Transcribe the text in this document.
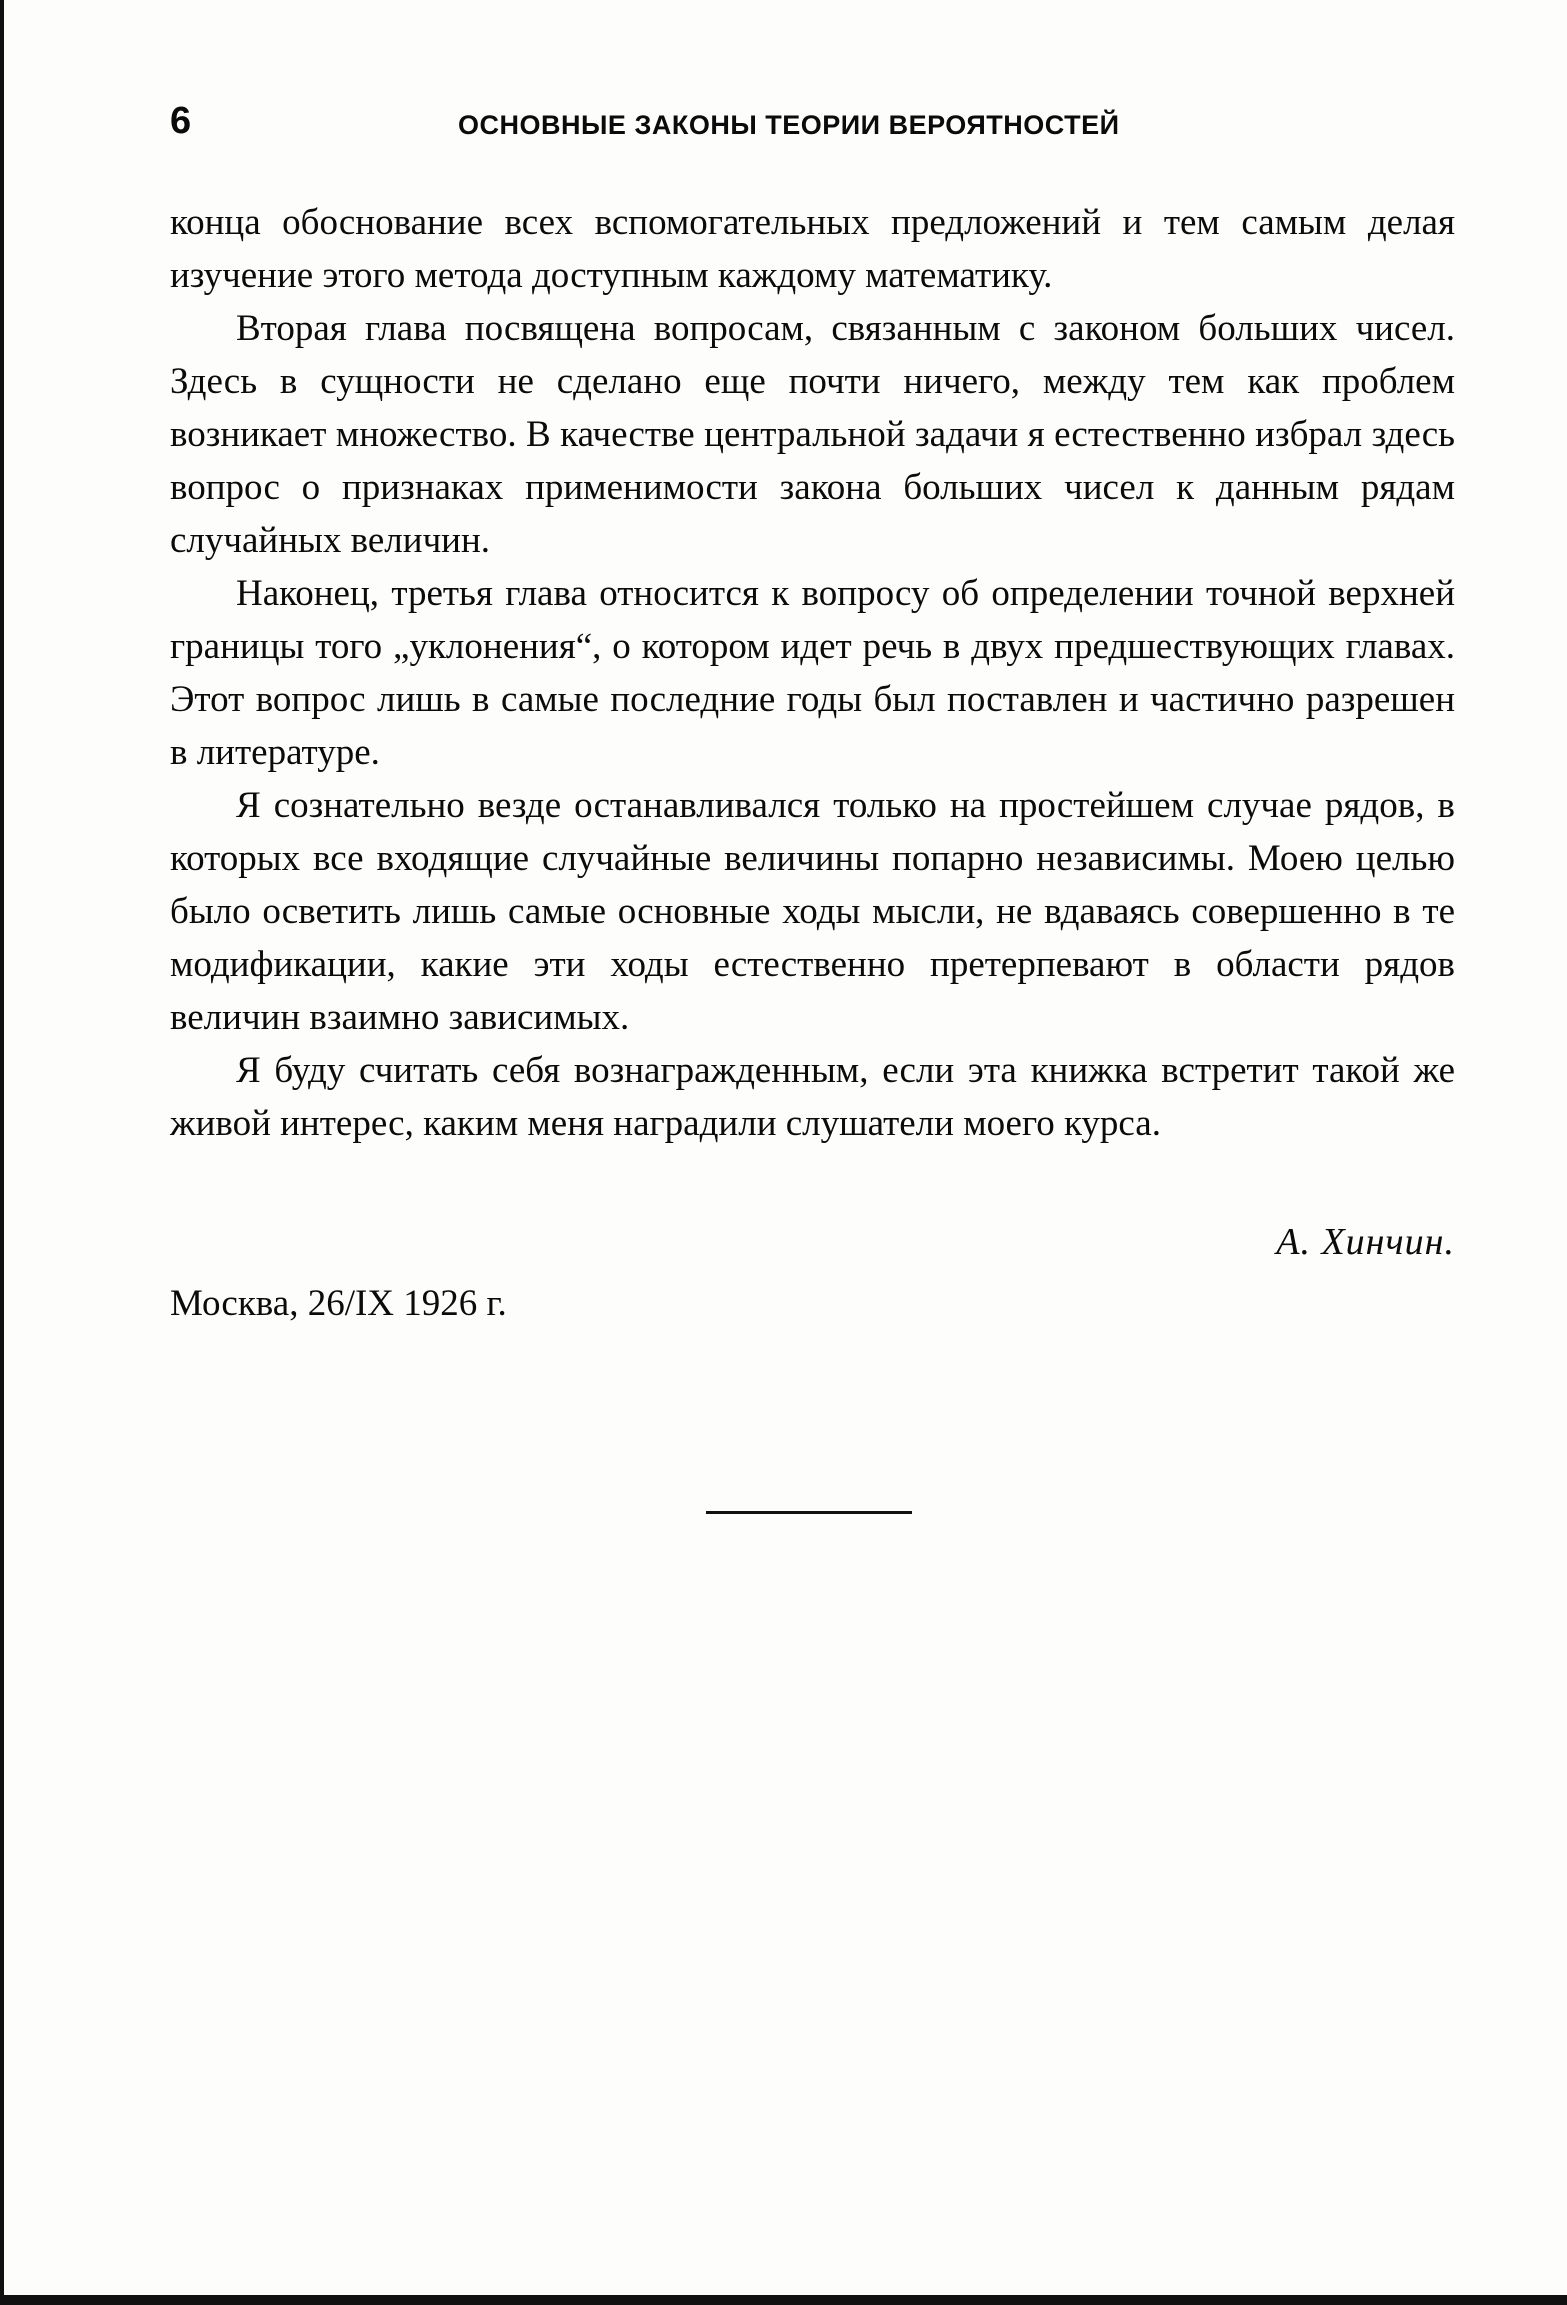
6	ОСНОВНЫЕ ЗАКОНЫ ТЕОРИИ ВЕРОЯТНОСТЕЙ

конца обоснование всех вспомогательных предложений и тем самым делая изучение этого метода доступным каждому математику.

Вторая глава посвящена вопросам, связанным с законом больших чисел. Здесь в сущности не сделано еще почти ничего, между тем как проблем возникает множество. В качестве центральной задачи я естественно избрал здесь вопрос о признаках применимости закона больших чисел к данным рядам случайных величин.

Наконец, третья глава относится к вопросу об определении точной верхней границы того „уклонения“, о котором идет речь в двух предшествующих главах. Этот вопрос лишь в самые последние годы был поставлен и частично разрешен в литературе.

Я сознательно везде останавливался только на простейшем случае рядов, в которых все входящие случайные величины попарно независимы. Моею целью было осветить лишь самые основные ходы мысли, не вдаваясь совершенно в те модификации, какие эти ходы естественно претерпевают в области рядов величин взаимно зависимых.

Я буду считать себя вознагражденным, если эта книжка встретит такой же живой интерес, каким меня наградили слушатели моего курса.

А. Хинчин.
Москва, 26/IX 1926 г.
